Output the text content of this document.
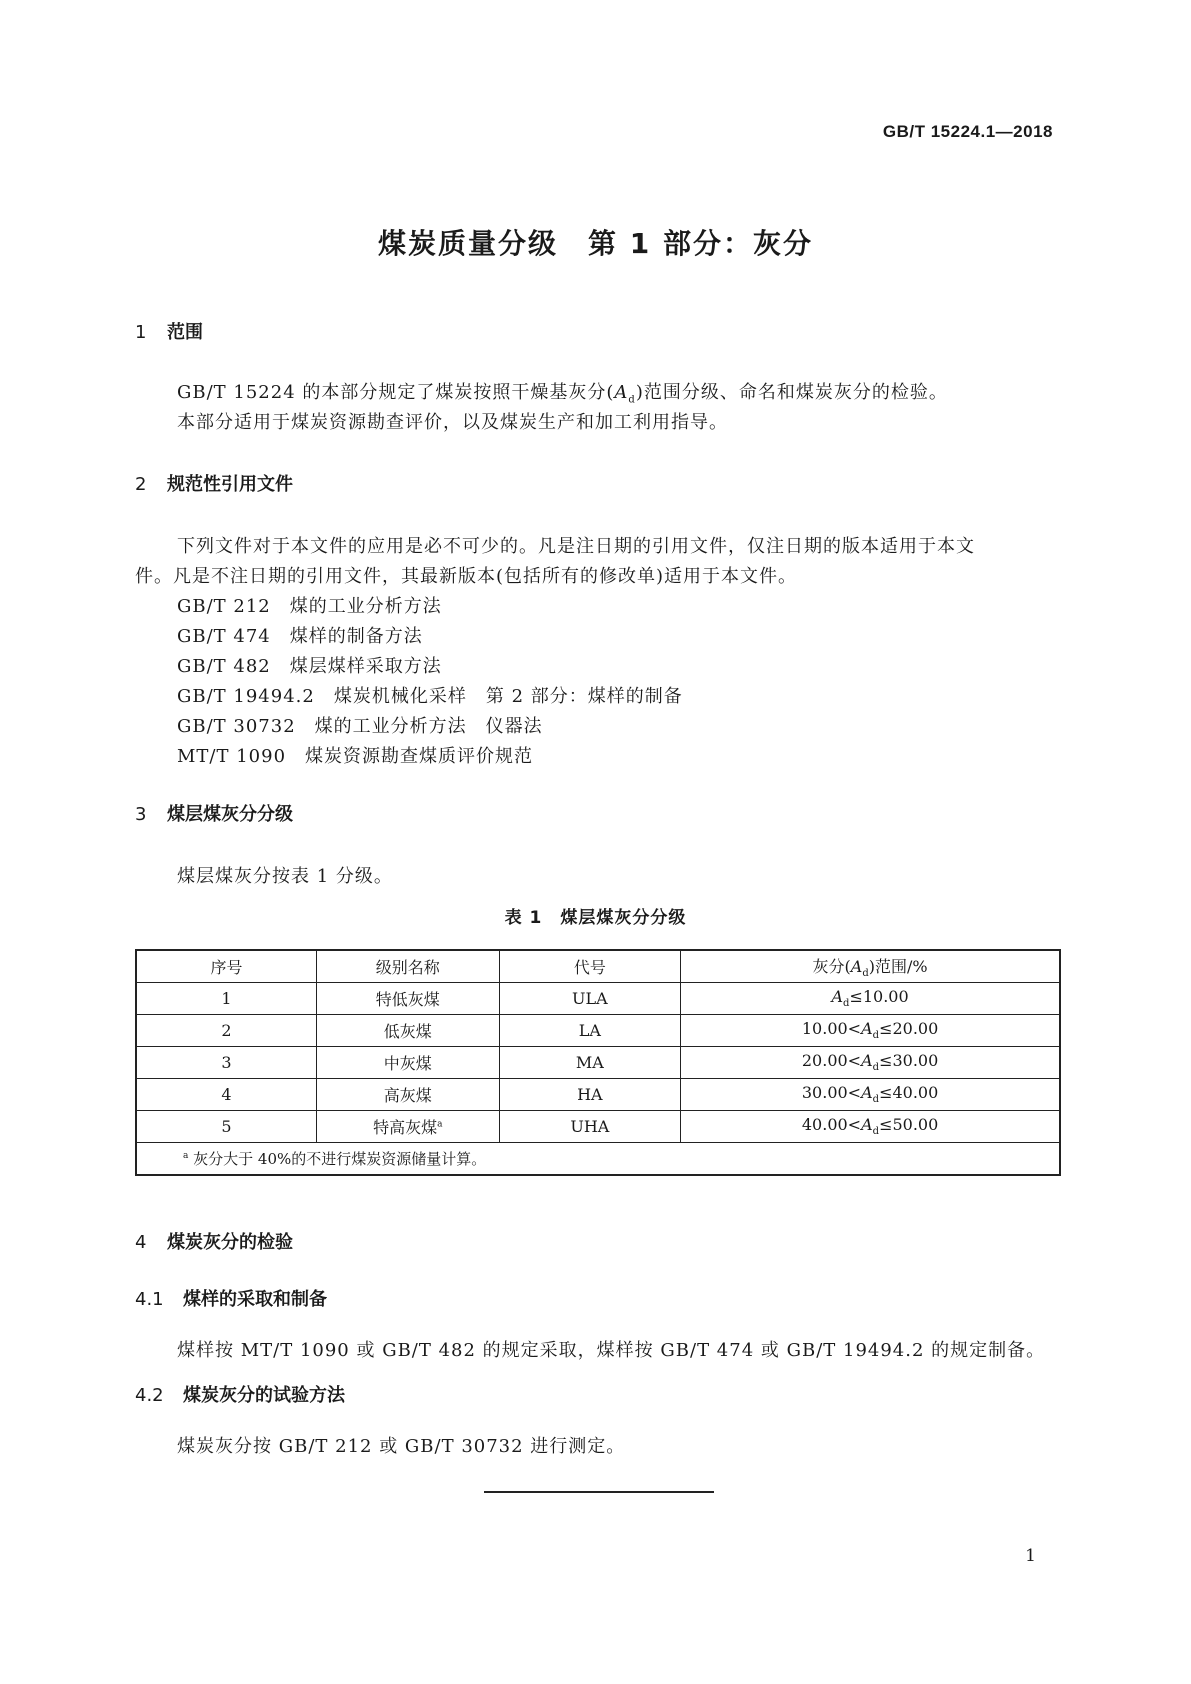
GB/T 15224.1—2018
煤炭质量分级　第 1 部分：灰分
1 范围
GB/T 15224 的本部分规定了煤炭按照干燥基灰分$(A_d)$范围分级、命名和煤炭灰分的检验。
本部分适用于煤炭资源勘查评价，以及煤炭生产和加工利用指导。
2 规范性引用文件
下列文件对于本文件的应用是必不可少的。凡是注日期的引用文件，仅注日期的版本适用于本文
件。凡是不注日期的引用文件，其最新版本(包括所有的修改单)适用于本文件。
GB/T 212　 煤的工业分析方法
GB/T 474　 煤样的制备方法
GB/T 482　 煤层煤样采取方法
GB/T 19494.2　 煤炭机械化采样　第 2 部分：煤样的制备
GB/T 30732　 煤的工业分析方法　仪器法
MT/T 1090　 煤炭资源勘查煤质评价规范
3 煤层煤灰分分级
煤层煤灰分按表 1 分级。
表 1　煤层煤灰分分级
序号	级别名称	代号	灰分$(A_d)$范围/%
1	特低灰煤	ULA	$A_d\le 10.00$
2	低灰煤	LA	$10.00<A_d\le 20.00$
3	中灰煤	MA	$20.00<A_d\le 30.00$
4	高灰煤	HA	$30.00<A_d\le 40.00$
5	特高灰煤$^a$	UHA	$40.00<A_d\le 50.00$
$^a$ 灰分大于 40%的不进行煤炭资源储量计算。			
4 煤炭灰分的检验
4.1 煤样的采取和制备
煤样按 MT/T 1090 或 GB/T 482 的规定采取，煤样按 GB/T 474 或 GB/T 19494.2 的规定制备。
4.2 煤炭灰分的试验方法
煤炭灰分按 GB/T 212 或 GB/T 30732 进行测定。
1
